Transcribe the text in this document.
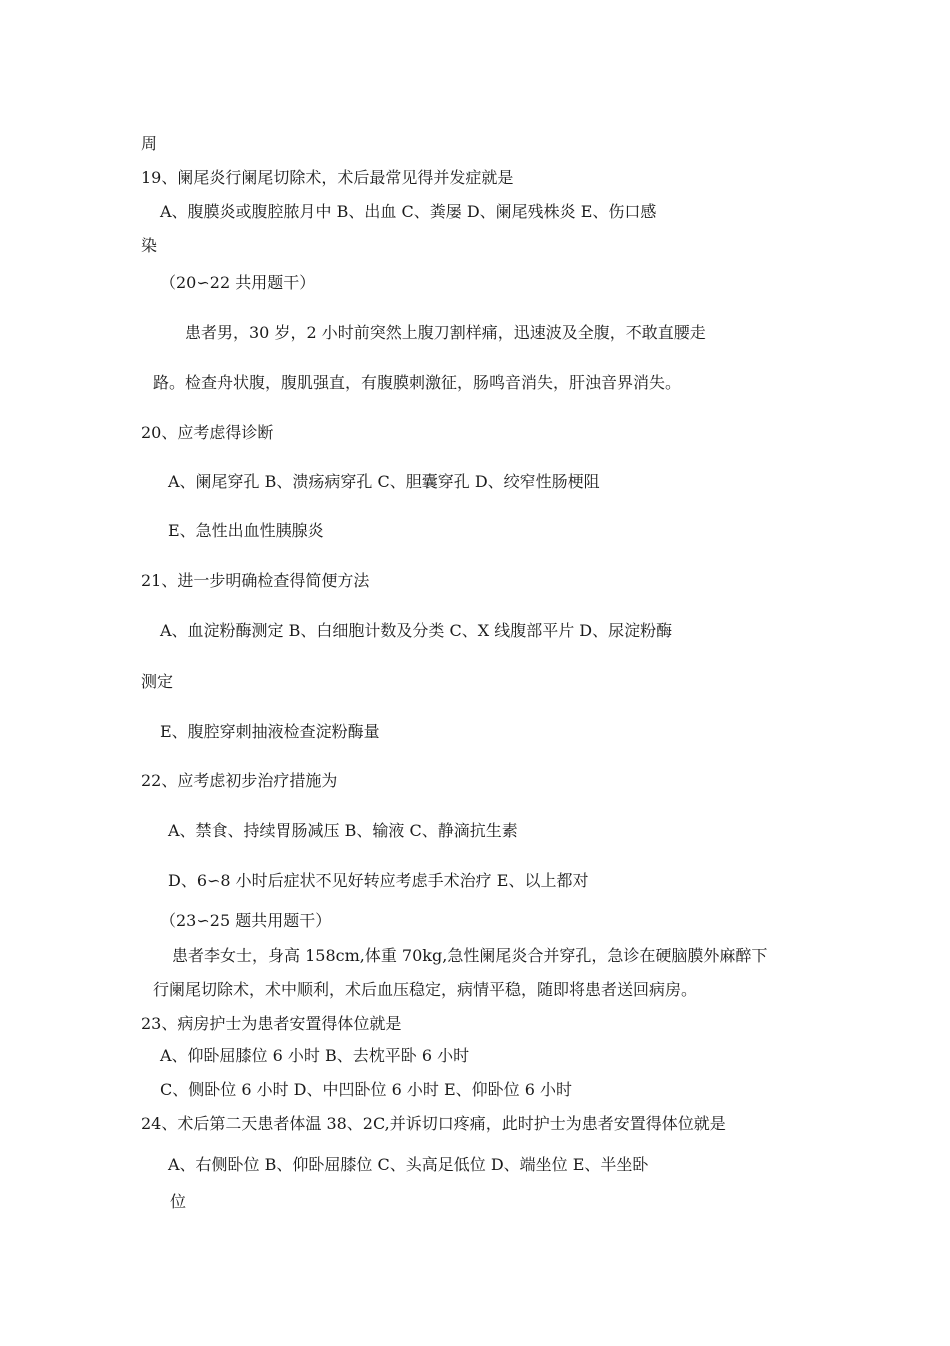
周
19、阑尾炎行阑尾切除术，术后最常见得并发症就是
A、腹膜炎或腹腔脓月中 B、出血 C、粪屡 D、阑尾残株炎 E、伤口感
染
（20∽22 共用题干）
患者男，30 岁，2 小时前突然上腹刀割样痛，迅速波及全腹，不敢直腰走
路。检查舟状腹，腹肌强直，有腹膜刺激征，肠鸣音消失，肝浊音界消失。
20、应考虑得诊断
A、阑尾穿孔 B、溃疡病穿孔 C、胆囊穿孔 D、绞窄性肠梗阻
E、急性出血性胰腺炎
21、进一步明确检查得简便方法
A、血淀粉酶测定 B、白细胞计数及分类 C、X 线腹部平片 D、尿淀粉酶
测定
E、腹腔穿刺抽液检查淀粉酶量
22、应考虑初步治疗措施为
A、禁食、持续胃肠减压 B、输液 C、静滴抗生素
D、6∽8 小时后症状不见好转应考虑手术治疗 E、以上都对
（23∽25 题共用题干）
患者李女士，身高 158cm,体重 70kg,急性阑尾炎合并穿孔，急诊在硬脑膜外麻醉下
行阑尾切除术，术中顺利，术后血压稳定，病情平稳，随即将患者送回病房。
23、病房护士为患者安置得体位就是
A、仰卧屈膝位 6 小时 B、去枕平卧 6 小时
C、侧卧位 6 小时 D、中凹卧位 6 小时 E、仰卧位 6 小时
24、术后第二天患者体温 38、2C,并诉切口疼痛，此时护士为患者安置得体位就是
A、右侧卧位 B、仰卧屈膝位 C、头高足低位 D、端坐位 E、半坐卧
位
